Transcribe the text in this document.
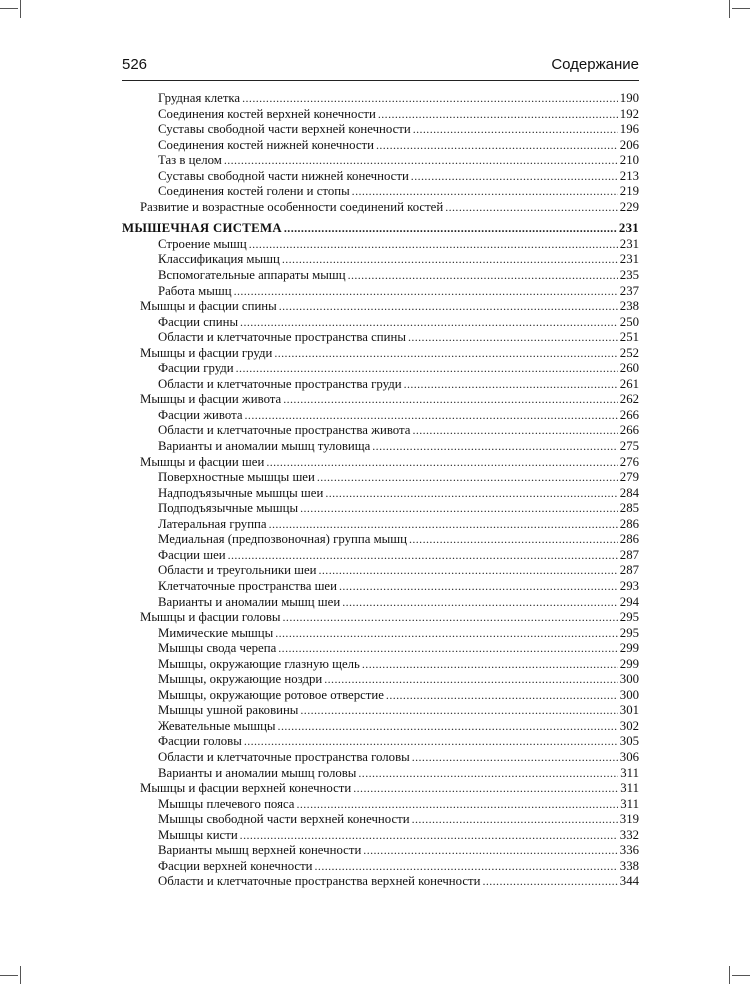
526	Содержание
Грудная клетка .....	190
Соединения костей верхней конечности .....	192
Суставы свободной части верхней конечности .....	196
Соединения костей нижней конечности .....	206
Таз в целом .....	210
Суставы свободной части нижней конечности .....	213
Соединения костей голени и стопы .....	219
Развитие и возрастные особенности соединений костей .....	229
МЫШЕЧНАЯ СИСТЕМА .....	231
Строение мышц .....	231
Классификация мышц .....	231
Вспомогательные аппараты мышц .....	235
Работа мышц .....	237
Мышцы и фасции спины .....	238
Фасции спины .....	250
Области и клетчаточные пространства спины .....	251
Мышцы и фасции груди .....	252
Фасции груди .....	260
Области и клетчаточные пространства груди .....	261
Мышцы и фасции живота .....	262
Фасции живота .....	266
Области и клетчаточные пространства живота .....	266
Варианты и аномалии мышц туловища .....	275
Мышцы и фасции шеи .....	276
Поверхностные мышцы шеи .....	279
Надподъязычные мышцы шеи .....	284
Подподъязычные мышцы .....	285
Латеральная группа .....	286
Медиальная (предпозвоночная) группа мышц .....	286
Фасции шеи .....	287
Области и треугольники шеи .....	287
Клетчаточные пространства шеи .....	293
Варианты и аномалии мышц шеи .....	294
Мышцы и фасции головы .....	295
Мимические мышцы .....	295
Мышцы свода черепа .....	299
Мышцы, окружающие глазную щель .....	299
Мышцы, окружающие ноздри .....	300
Мышцы, окружающие ротовое отверстие .....	300
Мышцы ушной раковины .....	301
Жевательные мышцы .....	302
Фасции головы .....	305
Области и клетчаточные пространства головы .....	306
Варианты и аномалии мышц головы .....	311
Мышцы и фасции верхней конечности .....	311
Мышцы плечевого пояса .....	311
Мышцы свободной части верхней конечности .....	319
Мышцы кисти .....	332
Варианты мышц верхней конечности .....	336
Фасции верхней конечности .....	338
Области и клетчаточные пространства верхней конечности .....	344
